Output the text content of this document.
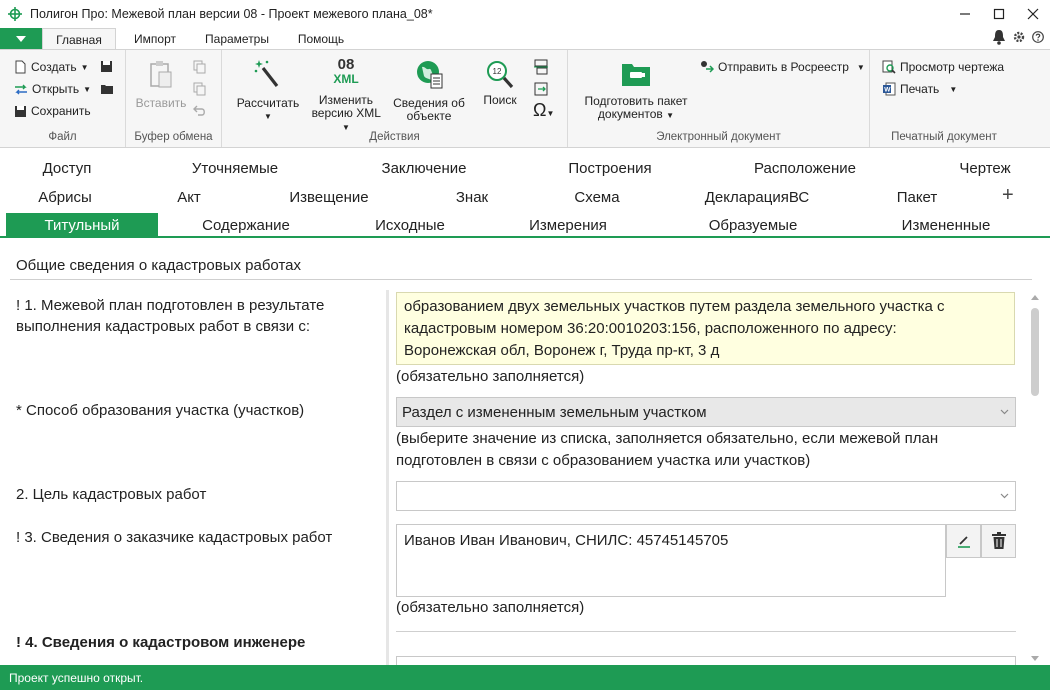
Полигон Про: Межевой план версии 08 - Проект межевого плана_08*
Главная	Импорт	Параметры	Помощь
Создать ▼
Открыть ▼
Сохранить
Файл
Вставить
Буфер обмена
Рассчитать
▼
08
XML
Изменить
версию XML ▼
Сведения об
объекте
12
Поиск Ω▼
Действия
Подготовить пакет
документов ▼
Отправить в Росреестр ▼
Электронный документ
Просмотр чертежа
W Печать ▼
Печатный документ
Доступ	Уточняемые	Заключение	Построения	Расположение	Чертеж
Абрисы	Акт	Извещение	Знак	Схема	ДекларацияВС	Пакет	+
Титульный	Содержание	Исходные	Измерения	Образуемые	Измененные
Общие сведения о кадастровых работах
! 1. Межевой план подготовлен в результате
выполнения кадастровых работ в связи с:
образованием двух земельных участков путем раздела земельного участка с
кадастровым номером 36:20:0010203:156, расположенного по адресу:
Воронежская обл, Воронеж г, Труда пр-кт, 3 д
(обязательно заполняется)
* Способ образования участка (участков)	Раздел с измененным земельным участком
(выберите значение из списка, заполняется обязательно, если межевой план
подготовлен в связи с образованием участка или участков)
2. Цель кадастровых работ
! 3. Сведения о заказчике кадастровых работ	Иванов Иван Иванович, СНИЛС: 45745145705
(обязательно заполняется)
! 4. Сведения о кадастровом инженере
Проект успешно открыт.
